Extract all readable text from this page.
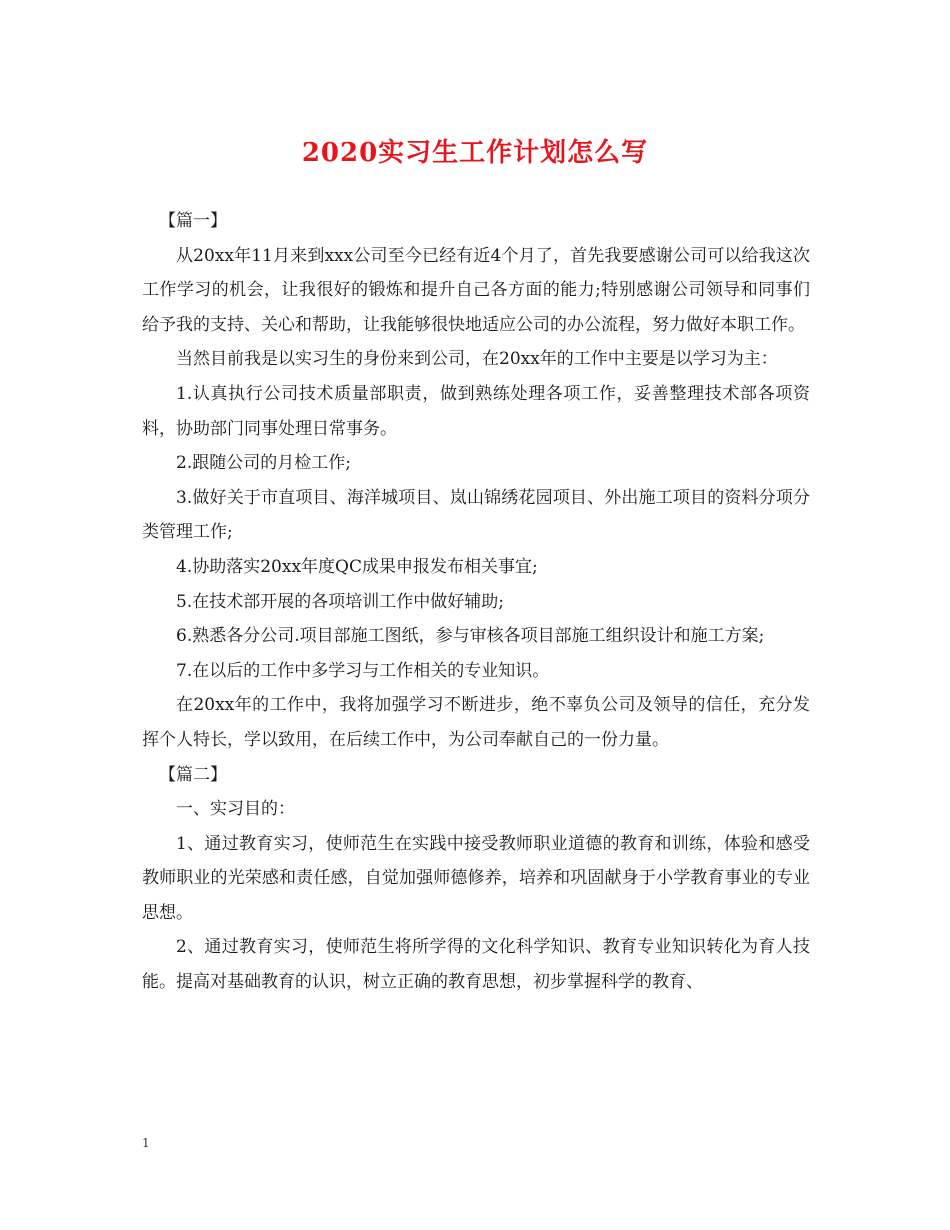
2020实习生工作计划怎么写

【篇一】

从20xx年11月来到xxx公司至今已经有近4个月了，首先我要感谢公司可以给我这次工作学习的机会，让我很好的锻炼和提升自己各方面的能力;特别感谢公司领导和同事们给予我的支持、关心和帮助，让我能够很快地适应公司的办公流程，努力做好本职工作。

当然目前我是以实习生的身份来到公司，在20xx年的工作中主要是以学习为主：

1.认真执行公司技术质量部职责，做到熟练处理各项工作，妥善整理技术部各项资料，协助部门同事处理日常事务。

2.跟随公司的月检工作;

3.做好关于市直项目、海洋城项目、岚山锦绣花园项目、外出施工项目的资料分项分类管理工作;

4.协助落实20xx年度QC成果申报发布相关事宜;

5.在技术部开展的各项培训工作中做好辅助;

6.熟悉各分公司.项目部施工图纸，参与审核各项目部施工组织设计和施工方案;

7.在以后的工作中多学习与工作相关的专业知识。

在20xx年的工作中，我将加强学习不断进步，绝不辜负公司及领导的信任，充分发挥个人特长，学以致用，在后续工作中，为公司奉献自己的一份力量。

【篇二】

一、实习目的：

1、通过教育实习，使师范生在实践中接受教师职业道德的教育和训练，体验和感受教师职业的光荣感和责任感，自觉加强师德修养，培养和巩固献身于小学教育事业的专业思想。

2、通过教育实习，使师范生将所学得的文化科学知识、教育专业知识转化为育人技能。提高对基础教育的认识，树立正确的教育思想，初步掌握科学的教育、

1
